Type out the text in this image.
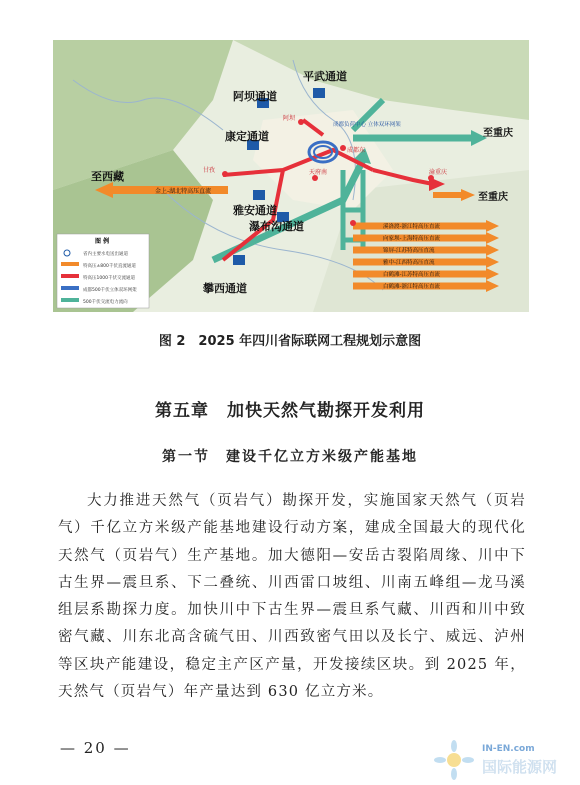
溪洛渡-浙江特高压直流
向家坝-上海特高压直流
锦屏-江苏特高压直流
雅中-江西特高压直流
白鹤滩-江苏特高压直流
白鹤滩-浙江特高压直流
平武通道
阿坝通道
康定通道
雅安通道
瀑布沟通道
攀西通道
至西藏
至重庆
至重庆
阿坝
甘孜
成都东
天府南	渝重庆
成都负荷中心 立体双环网架
金上-湖北特高压直流
图 例
省内主要水电送出通道
特高压±800千伏直流通道
特高压1000千伏交流通道
成都500千伏立体双环网架
500千伏交流电力流向
图 2　2025 年四川省际联网工程规划示意图
第五章　加快天然气勘探开发利用
第一节　建设千亿立方米级产能基地
大力推进天然气（页岩气）勘探开发，实施国家天然气（页岩气）千亿立方米级产能基地建设行动方案，建成全国最大的现代化天然气（页岩气）生产基地。加大德阳—安岳古裂陷周缘、川中下古生界—震旦系、下二叠统、川西雷口坡组、川南五峰组—龙马溪组层系勘探力度。加快川中下古生界—震旦系气藏、川西和川中致密气藏、川东北高含硫气田、川西致密气田以及长宁、威远、泸州等区块产能建设，稳定主产区产量，开发接续区块。到 2025 年，天然气（页岩气）年产量达到 630 亿立方米。
— 20 —	IN-EN.com
国际能源网
